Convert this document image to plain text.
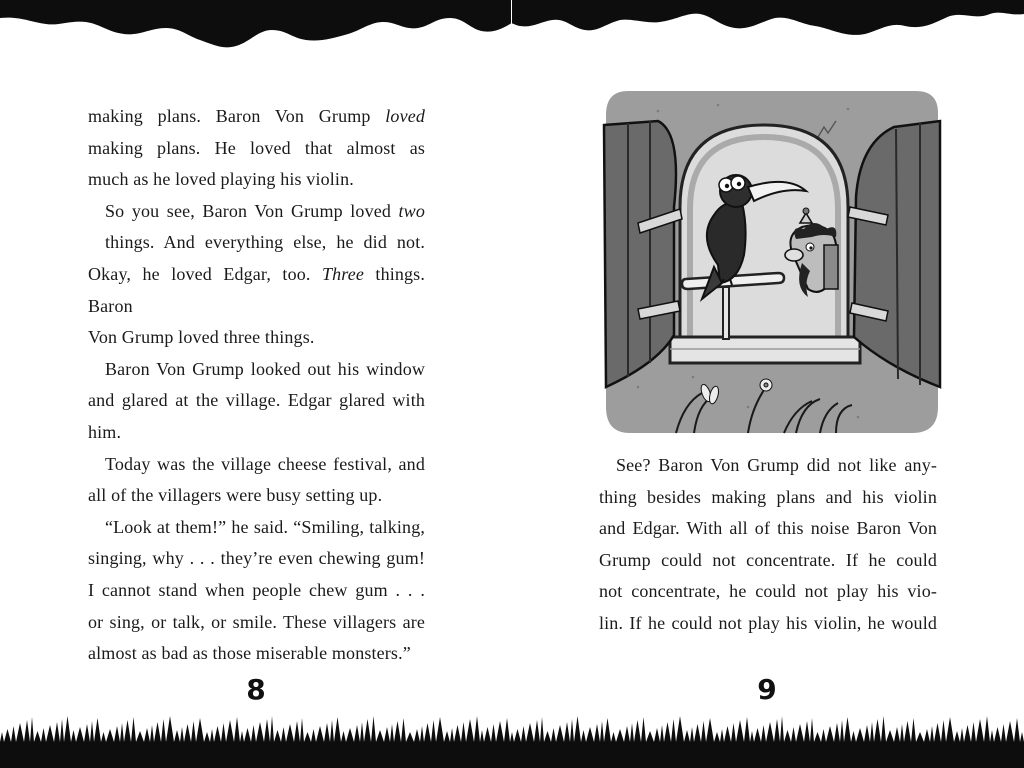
making plans. Baron Von Grump loved
making plans. He loved that almost as
much as he loved playing his violin.

So you see, Baron Von Grump loved two
things. And everything else, he did not.
Okay, he loved Edgar, too. Three things. Baron
Von Grump loved three things.

Baron Von Grump looked out his window
and glared at the village. Edgar glared with
him.

Today was the village cheese festival, and
all of the villagers were busy setting up.

“Look at them!” he said. “Smiling, talking,
singing, why . . . they’re even chewing gum!
I cannot stand when people chew gum . . .
or sing, or talk, or smile. These villagers are
almost as bad as those miserable monsters.”

8

See? Baron Von Grump did not like any-
thing besides making plans and his violin
and Edgar. With all of this noise Baron Von
Grump could not concentrate. If he could
not concentrate, he could not play his vio-
lin. If he could not play his violin, he would

9
